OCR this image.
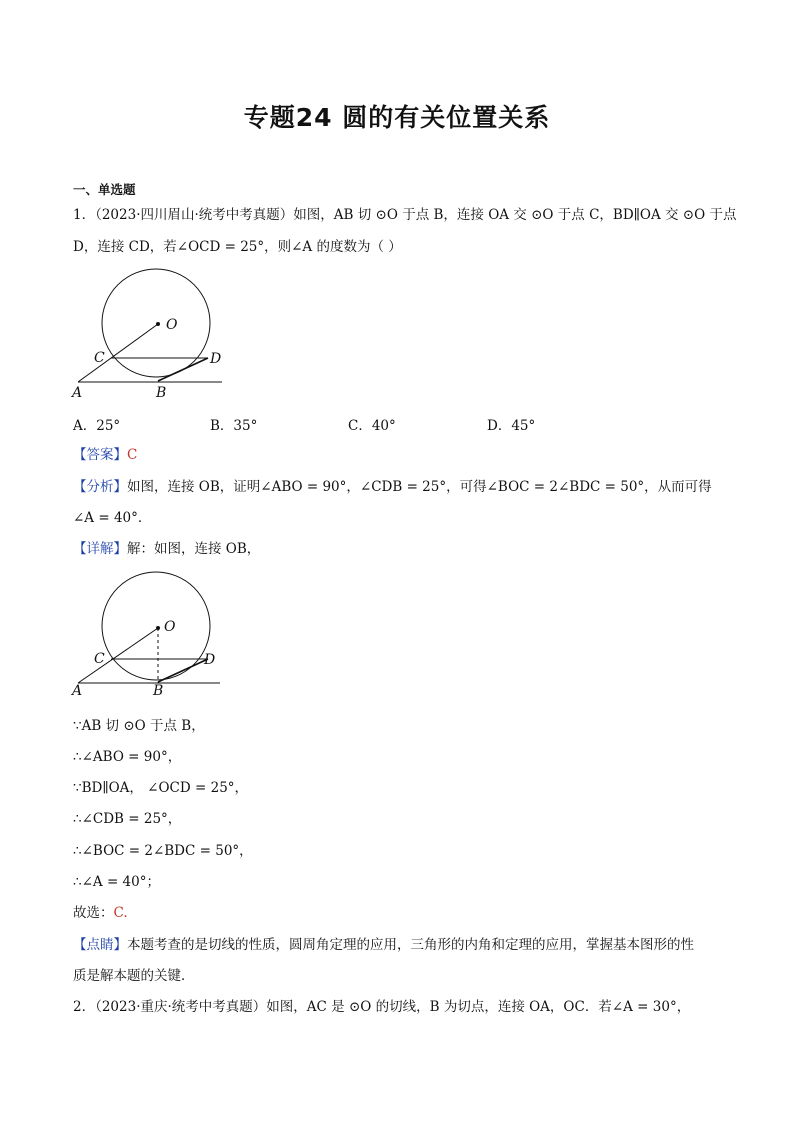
专题24 圆的有关位置关系
一、单选题
1．（2023·四川眉山·统考中考真题）如图，AB 切 ⊙O 于点 B，连接 OA 交 ⊙O 于点 C，BD∥OA 交 ⊙O 于点
D，连接 CD，若∠OCD = 25°，则∠A 的度数为（ ）
O
C	D
A	B
A．25°	B．35°	C．40°	D．45°
【答案】C
【分析】如图，连接 OB，证明∠ABO = 90°，∠CDB = 25°，可得∠BOC = 2∠BDC = 50°，从而可得
∠A = 40°．
【详解】解：如图，连接 OB，
O
C	D
A	B
∵AB 切 ⊙O 于点 B，
∴∠ABO = 90°，
∵BD∥OA， ∠OCD = 25°，
∴∠CDB = 25°，
∴∠BOC = 2∠BDC = 50°，
∴∠A = 40°；
故选：C.
【点睛】本题考查的是切线的性质，圆周角定理的应用，三角形的内角和定理的应用，掌握基本图形的性
质是解本题的关键．
2．（2023·重庆·统考中考真题）如图，AC 是 ⊙O 的切线，B 为切点，连接 OA，OC．若∠A = 30°，
